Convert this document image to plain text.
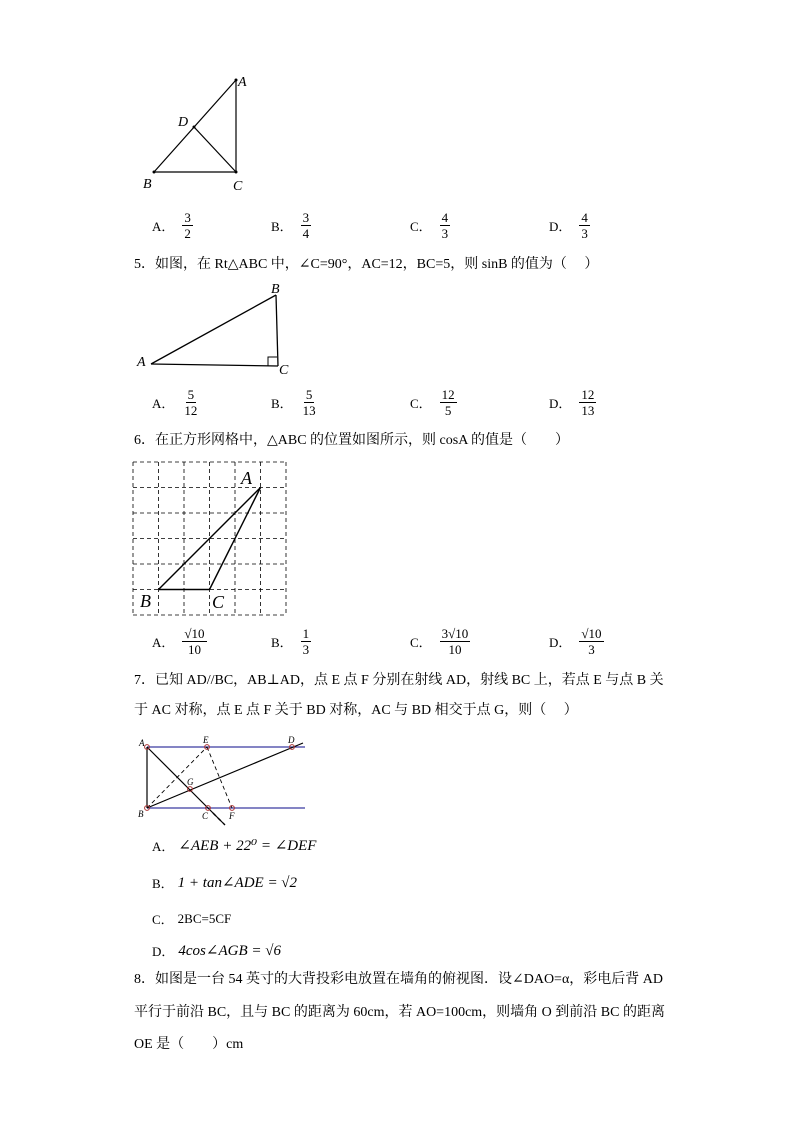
A
D
B	C
A． $\frac{3}{2}$	B． $\frac{3}{4}$	C． $\frac{4}{3}$	D． $\frac{4}{3}$
5．如图，在 Rt△ABC 中，∠C=90°，AC=12，BC=5，则 sinB 的值为（　 ）
B
A
C
A． $\frac{5}{12}$	B． $\frac{5}{13}$	C． $\frac{12}{5}$	D． $\frac{12}{13}$
6．在正方形网格中，△ABC 的位置如图所示，则 cosA 的值是（　　）
A
B	C
A． $\frac{√10}{10}$	B． $\frac{1}{3}$	C． $\frac{3√10}{10}$	D． $\frac{√10}{3}$
7．已知 AD//BC，AB⊥AD，点 E 点 F 分别在射线 AD，射线 BC 上，若点 E 与点 B 关
于 AC 对称，点 E 点 F 关于 BD 对称，AC 与 BD 相交于点 G，则（　 ）
A	E	D
B	C F
G
A． ∠AEB + 22⁰ = ∠DEF
B． 1 + tan∠ADE = √2
C． 2BC=5CF
D． 4cos∠AGB = √6
8．如图是一台 54 英寸的大背投彩电放置在墙角的俯视图．设∠DAO=α，彩电后背 AD
平行于前沿 BC，且与 BC 的距离为 60cm，若 AO=100cm，则墙角 O 到前沿 BC 的距离
OE 是（　　）cm
